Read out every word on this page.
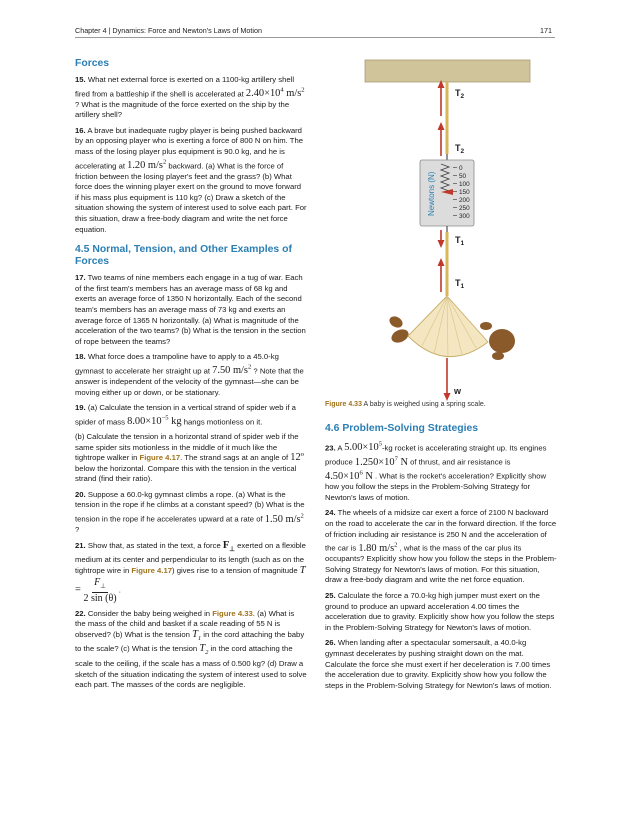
Chapter 4 | Dynamics: Force and Newton's Laws of Motion	171
Forces
15. What net external force is exerted on a 1100-kg artillery shell fired from a battleship if the shell is accelerated at $2.40\times 10^4$ $m/s^2$ ? What is the magnitude of the force exerted on the ship by the artillery shell?
16. A brave but inadequate rugby player is being pushed backward by an opposing player who is exerting a force of 800 N on him. The mass of the losing player plus equipment is 90.0 kg, and he is accelerating at 1.20 $m/s^2$ backward. (a) What is the force of friction between the losing player's feet and the grass? (b) What force does the winning player exert on the ground to move forward if his mass plus equipment is 110 kg? (c) Draw a sketch of the situation showing the system of interest used to solve each part. For this situation, draw a free-body diagram and write the net force equation.
4.5 Normal, Tension, and Other Examples of
Forces
17. Two teams of nine members each engage in a tug of war. Each of the first team's members has an average mass of 68 kg and exerts an average force of 1350 N horizontally. Each of the second team's members has an average mass of 73 kg and exerts an average force of 1365 N horizontally. (a) What is magnitude of the acceleration of the two teams? (b) What is the tension in the section of rope between the teams?
18. What force does a trampoline have to apply to a 45.0-kg gymnast to accelerate her straight up at 7.50 $m/s^2$ ? Note that the answer is independent of the velocity of the gymnast—she can be moving either up or down, or be stationary.
19. (a) Calculate the tension in a vertical strand of spider web if a spider of mass $8.00\times 10^{-5}$ kg hangs motionless on it.
(b) Calculate the tension in a horizontal strand of spider web if the same spider sits motionless in the middle of it much like the tightrope walker in Figure 4.17. The strand sags at an angle of 12º below the horizontal. Compare this with the tension in the vertical strand (find their ratio).
20. Suppose a 60.0-kg gymnast climbs a rope. (a) What is the tension in the rope if he climbs at a constant speed? (b) What is the tension in the rope if he accelerates upward at a rate of 1.50 $m/s^2$ ?
21. Show that, as stated in the text, a force $F_\perp$ exerted on a flexible medium at its center and perpendicular to its length (such as on the tightrope wire in Figure 4.17) gives rise to a tension of magnitude $T = \frac{F_\perp}{2 \sin (\theta)}$ .
22. Consider the baby being weighed in Figure 4.33. (a) What is the mass of the child and basket if a scale reading of 55 N is observed? (b) What is the tension $T_1$ in the cord attaching the baby to the scale? (c) What is the tension $T_2$ in the cord attaching the scale to the ceiling, if the scale has a mass of 0.500 kg? (d) Draw a sketch of the situation indicating the system of interest used to solve each part. The masses of the cords are negligible.
$T_2$
$T_2$
Newtons (N)
0
50
100
150
200
250
300
$T_1$
$T_1$
w
Figure 4.33 A baby is weighed using a spring scale.
4.6 Problem-Solving Strategies
23. A $5.00\times 10^5-kg$ rocket is accelerating straight up. Its engines produce $1.250\times 10^7$ N of thrust, and air resistance is $4.50\times 10^6$ N . What is the rocket's acceleration? Explicitly show how you follow the steps in the Problem-Solving Strategy for Newton's laws of motion.
24. The wheels of a midsize car exert a force of 2100 N backward on the road to accelerate the car in the forward direction. If the force of friction including air resistance is 250 N and the acceleration of the car is 1.80 $m/s^2$ , what is the mass of the car plus its occupants? Explicitly show how you follow the steps in the Problem-Solving Strategy for Newton's laws of motion. For this situation, draw a free-body diagram and write the net force equation.
25. Calculate the force a 70.0-kg high jumper must exert on the ground to produce an upward acceleration 4.00 times the acceleration due to gravity. Explicitly show how you follow the steps in the Problem-Solving Strategy for Newton's laws of motion.
26. When landing after a spectacular somersault, a 40.0-kg gymnast decelerates by pushing straight down on the mat. Calculate the force she must exert if her deceleration is 7.00 times the acceleration due to gravity. Explicitly show how you follow the steps in the Problem-Solving Strategy for Newton's laws of motion.
